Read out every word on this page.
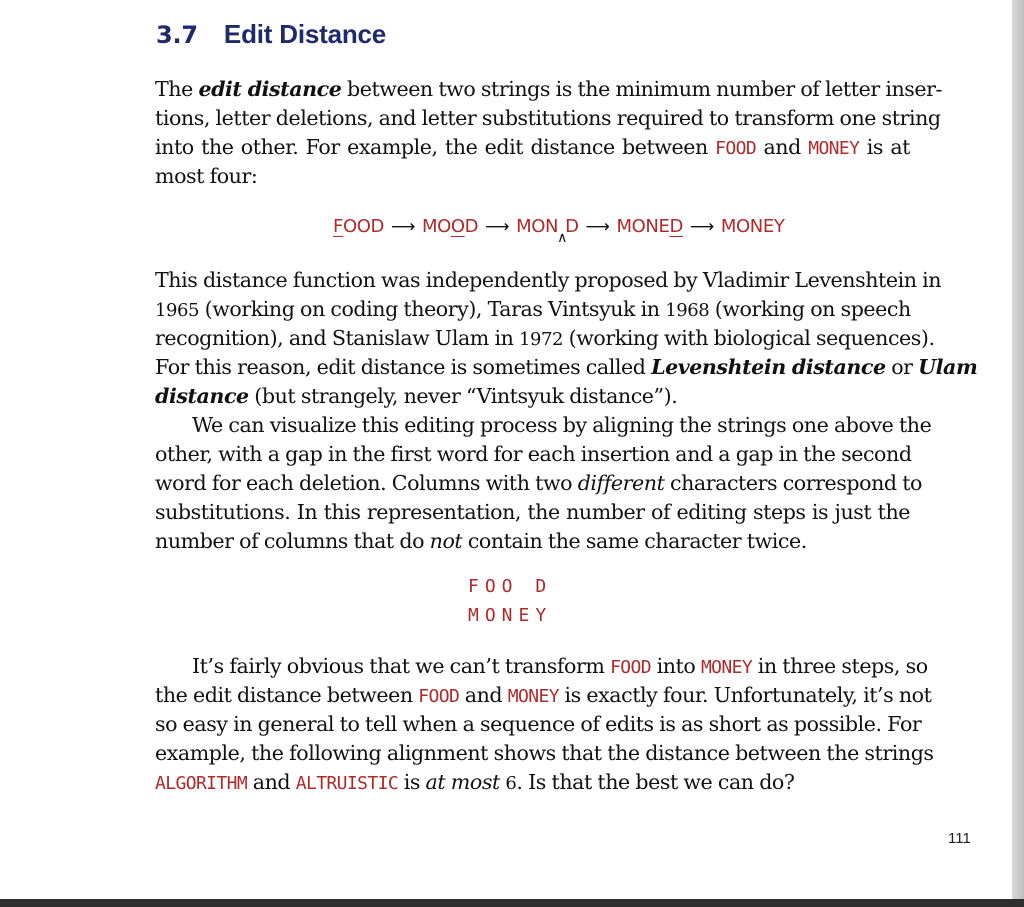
3.7 Edit Distance
The edit distance between two strings is the minimum number of letter inser-
tions, letter deletions, and letter substitutions required to transform one string
into the other. For example, the edit distance between FOOD and MONEY is at
most four:
FOOD ⟶ MOOD ⟶ MON
∧
D ⟶ MONED ⟶ MONEY
This distance function was independently proposed by Vladimir Levenshtein in
1965 (working on coding theory), Taras Vintsyuk in 1968 (working on speech
recognition), and Stanislaw Ulam in 1972 (working with biological sequences).
For this reason, edit distance is sometimes called Levenshtein distance or Ulam
distance (but strangely, never “Vintsyuk distance”).
We can visualize this editing process by aligning the strings one above the
other, with a gap in the first word for each insertion and a gap in the second
word for each deletion. Columns with two different characters correspond to
substitutions. In this representation, the number of editing steps is just the
number of columns that do not contain the same character twice.
FOO D
MONEY
It’s fairly obvious that we can’t transform FOOD into MONEY in three steps, so
the edit distance between FOOD and MONEY is exactly four. Unfortunately, it’s not
so easy in general to tell when a sequence of edits is as short as possible. For
example, the following alignment shows that the distance between the strings
ALGORITHM and ALTRUISTIC is at most 6. Is that the best we can do?
111
